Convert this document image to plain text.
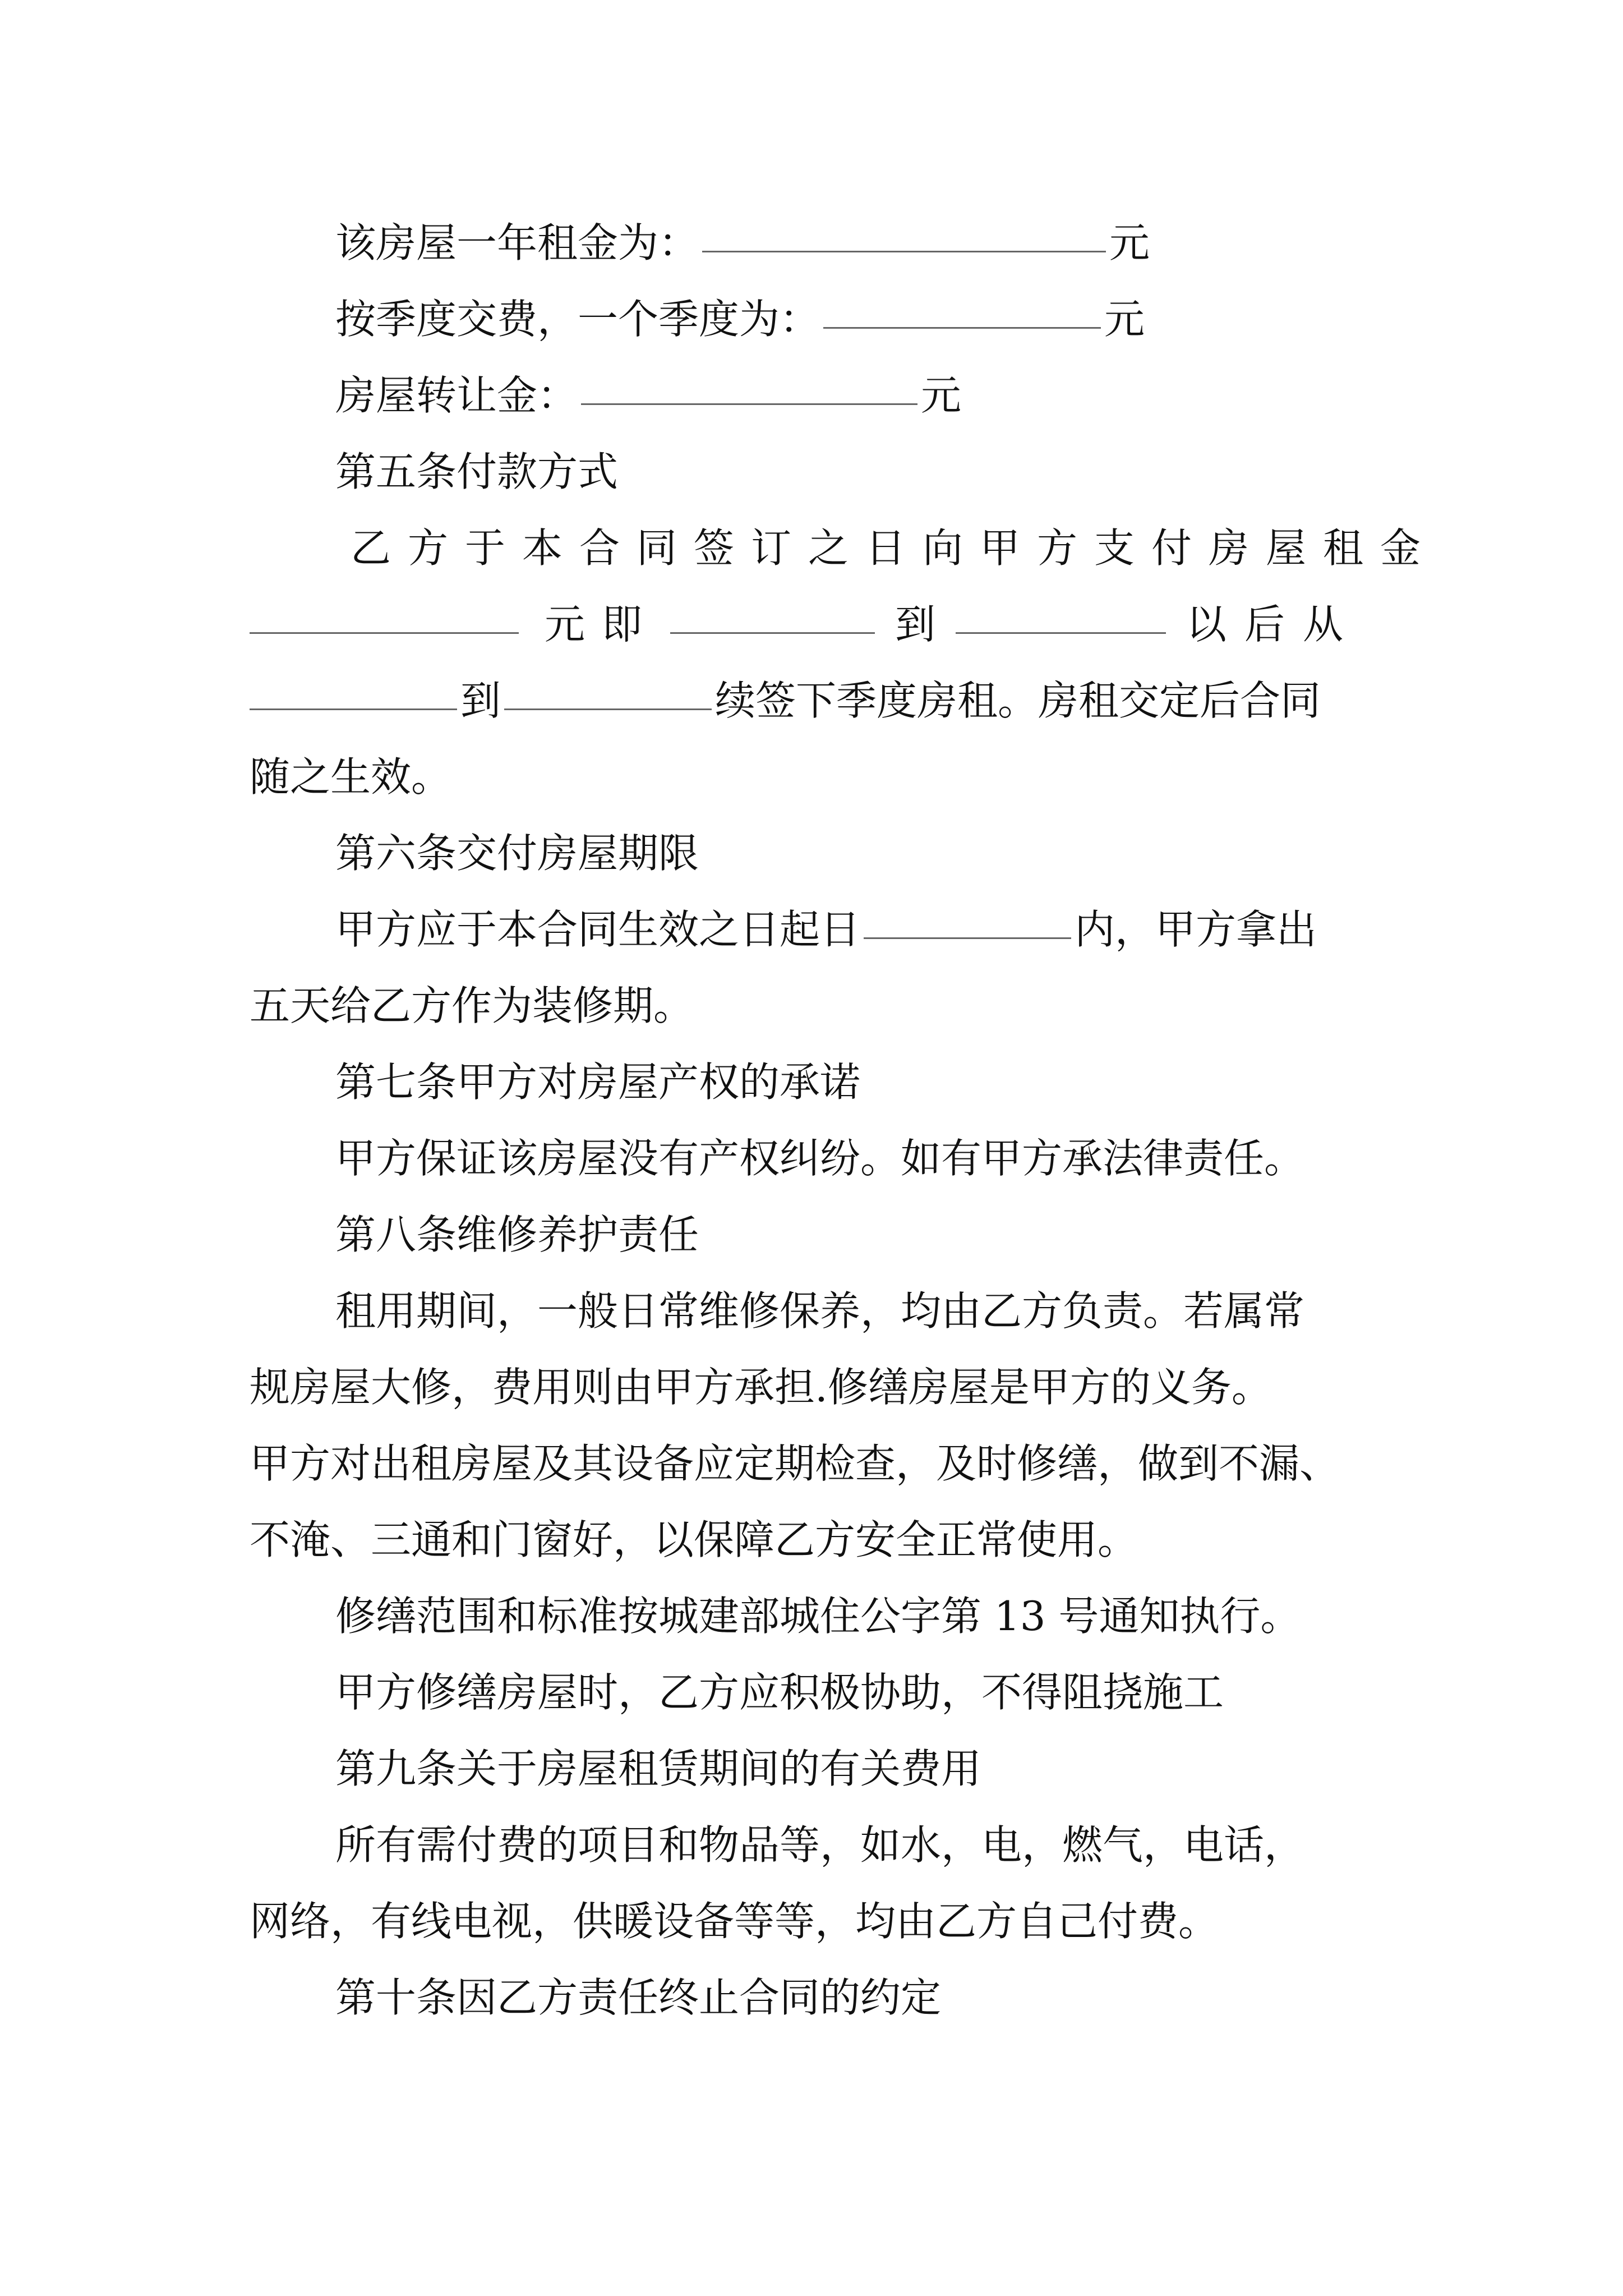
该房屋一年租金为：	元
按季度交费，一个季度为：	元
房屋转让金：	元
第五条付款方式
乙方于本合同签订之日向甲方支付房屋租金
元即	到	以后从
到	续签下季度房租。房租交定后合同
随之生效。
第六条交付房屋期限
甲方应于本合同生效之日起日	内，甲方拿出
五天给乙方作为装修期。
第七条甲方对房屋产权的承诺
甲方保证该房屋没有产权纠纷。如有甲方承法律责任。
第八条维修养护责任
租用期间，一般日常维修保养，均由乙方负责。若属常
规房屋大修，费用则由甲方承担.修缮房屋是甲方的义务。
甲方对出租房屋及其设备应定期检查，及时修缮，做到不漏、
不淹、三通和门窗好，以保障乙方安全正常使用。
修缮范围和标准按城建部城住公字第 13 号通知执行。
甲方修缮房屋时，乙方应积极协助，不得阻挠施工
第九条关于房屋租赁期间的有关费用
所有需付费的项目和物品等，如水，电，燃气，电话，
网络，有线电视，供暖设备等等，均由乙方自己付费。
第十条因乙方责任终止合同的约定
